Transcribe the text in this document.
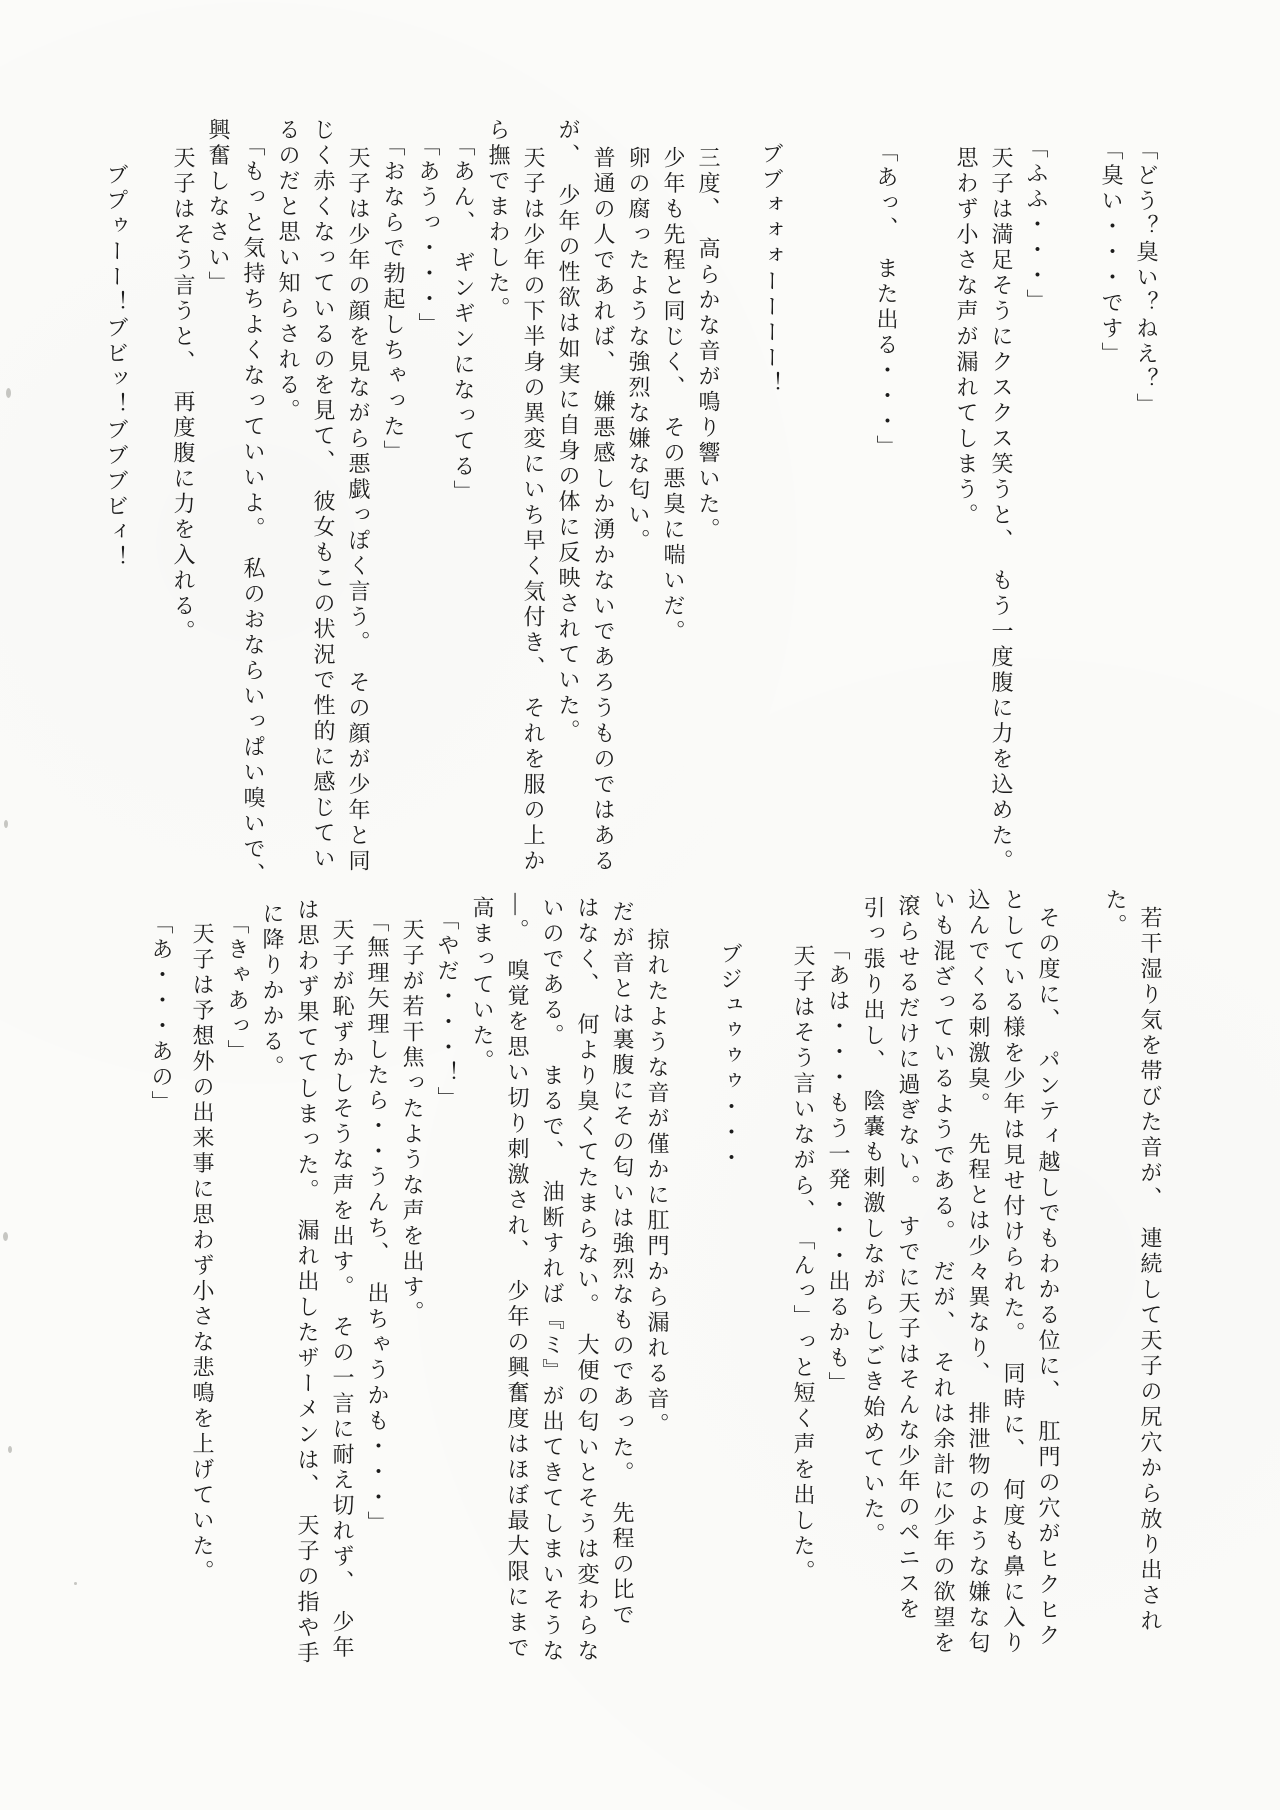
「どう？臭い？ねえ？」
「臭い・・・です」
「ふふ・・・」
天子は満足そうにクスクス笑うと、　もう一度腹に力を込めた。
思わず小さな声が漏れてしまう。
「あっ、　また出る・・・」
ブブォォォーーーー！
三度、　高らかな音が鳴り響いた。
少年も先程と同じく、　その悪臭に喘いだ。
卵の腐ったような強烈な嫌な匂い。
普通の人であれば、　嫌悪感しか湧かないであろうものではある
が、　少年の性欲は如実に自身の体に反映されていた。
天子は少年の下半身の異変にいち早く気付き、　それを服の上か
ら撫でまわした。
「あん、　ギンギンになってる」
「あうっ・・・」
「おならで勃起しちゃった」
天子は少年の顔を見ながら悪戯っぽく言う。　その顔が少年と同
じく赤くなっているのを見て、　彼女もこの状況で性的に感じてい
るのだと思い知らされる。
「もっと気持ちよくなっていいよ。　私のおならいっぱい嗅いで、
興奮しなさい」
天子はそう言うと、　再度腹に力を入れる。
ブプゥーー！ブビッ！ブブブビィ！
若干湿り気を帯びた音が、　連続して天子の尻穴から放り出され
た。
その度に、　パンティ越しでもわかる位に、　肛門の穴がヒクヒク
としている様を少年は見せ付けられた。　同時に、　何度も鼻に入り
込んでくる刺激臭。　先程とは少々異なり、　排泄物のような嫌な匂
いも混ざっているようである。　だが、　それは余計に少年の欲望を
滾らせるだけに過ぎない。　すでに天子はそんな少年のペニスを
引っ張り出し、　陰嚢も刺激しながらしごき始めていた。
「あは・・・もう一発・・・出るかも」
天子はそう言いながら、　「んっ」っと短く声を出した。
ブジュゥゥゥ・・・
掠れたような音が僅かに肛門から漏れる音。
だが音とは裏腹にその匂いは強烈なものであった。　先程の比で
はなく、　何より臭くてたまらない。　大便の匂いとそうは変わらな
いのである。　まるで、　油断すれば『ミ』が出てきてしまいそうな
―。　嗅覚を思い切り刺激され、　少年の興奮度はほぼ最大限にまで
高まっていた。
「やだ・・・！」
天子が若干焦ったような声を出す。
「無理矢理したら・・うんち、　出ちゃうかも・・・」
天子が恥ずかしそうな声を出す。　その一言に耐え切れず、　少年
は思わず果ててしまった。　漏れ出したザーメンは、　天子の指や手
に降りかかる。
「きゃあっ」
天子は予想外の出来事に思わず小さな悲鳴を上げていた。
「あ・・・あの」
